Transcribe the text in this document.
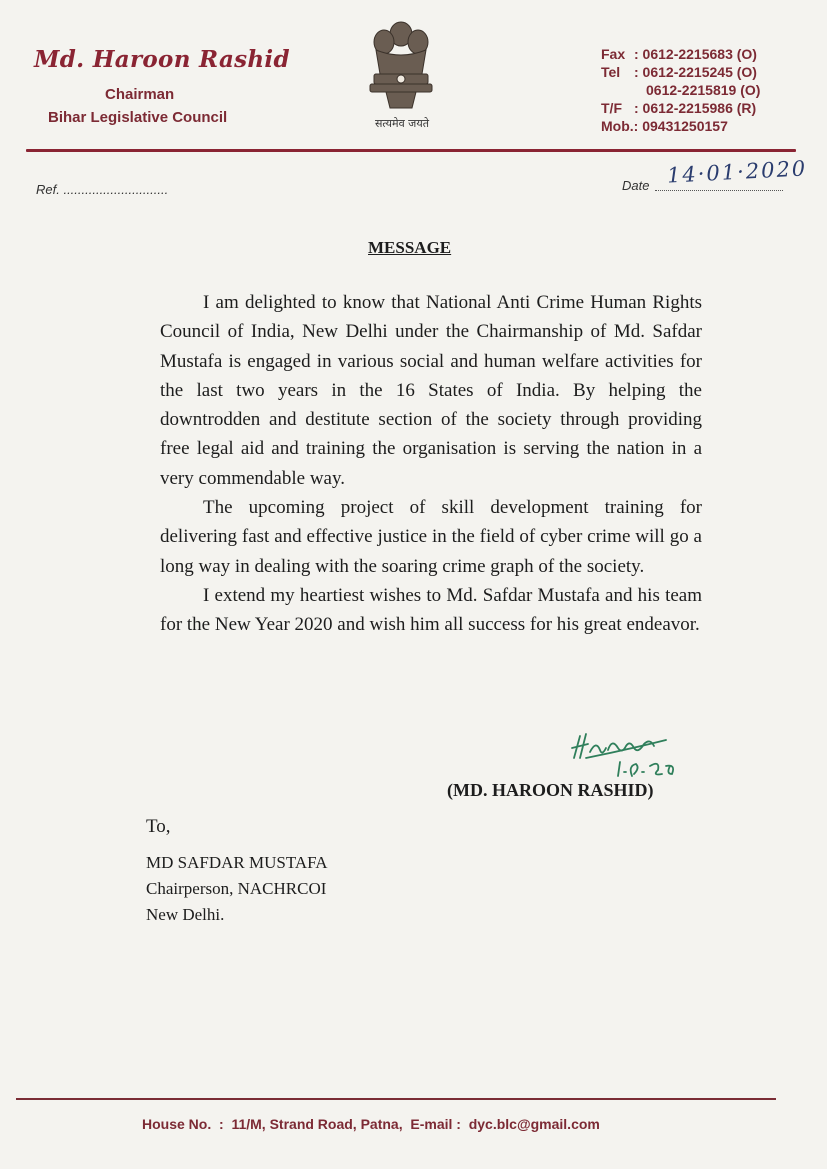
Md. Haroon Rashid
Chairman
Bihar Legislative Council	सत्यमेव जयते
Fax : 0612-2215683 (O)
Tel : 0612-2215245 (O)
0612-2215819 (O)
T/F : 0612-2215986 (R)
Mob.: 09431250157
Ref. .............................	Date 14·01·2020
MESSAGE

I am delighted to know that National Anti Crime Human Rights Council of India, New Delhi under the Chairmanship of Md. Safdar Mustafa is engaged in various social and human welfare activities for the last two years in the 16 States of India. By helping the downtrodden and destitute section of the society through providing free legal aid and training the organisation is serving the nation in a very commendable way.

The upcoming project of skill development training for delivering fast and effective justice in the field of cyber crime will go a long way in dealing with the soaring crime graph of the society.

I extend my heartiest wishes to Md. Safdar Mustafa and his team for the New Year 2020 and wish him all success for his great endeavor.

(MD. HAROON RASHID)
To,
MD SAFDAR MUSTAFA
Chairperson, NACHRCOI
New Delhi.
House No.  :  11/M, Strand Road, Patna,  E-mail :  dyc.blc@gmail.com
